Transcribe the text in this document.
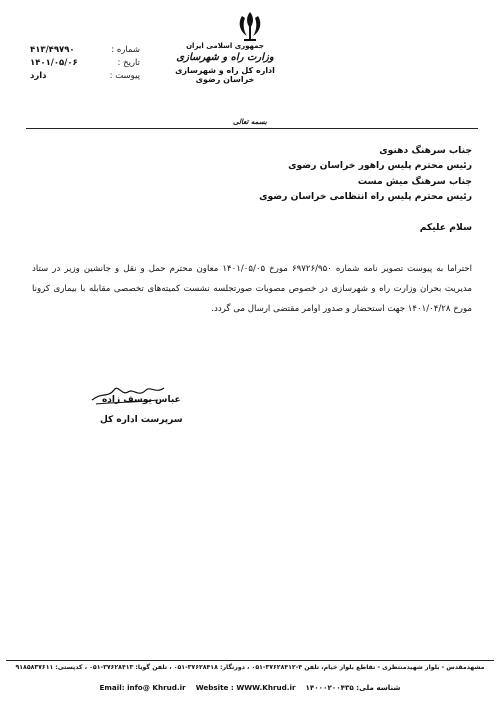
جمهوری اسلامی ایران
وزارت راه و شهرسازی
اداره کل راه و شهرسازی خراسان رضوی
شماره :
۴۱۳/۴۹۷۹۰
تاریخ :
۱۴۰۱/۰۵/۰۶
پیوست :
دارد
بسمه تعالی
جناب سرهنگ دهنوی
رئیس محترم پلیس راهور خراسان رضوی
جناب سرهنگ میش مست
رئیس محترم پلیس راه انتظامی خراسان رضوی
سلام علیکم
احتراما به پیوست تصویر نامه شماره ۶۹۷۲۶/۹۵۰ مورخ ۱۴۰۱/۰۵/۰۵ معاون محترم حمل و نقل و جانشین وزیر در ستاد مدیریت بحران وزارت راه و شهرسازی در خصوص مصوبات صورتجلسه نشست کمیته‌های تخصصی مقابله با بیماری کرونا مورخ ۱۴۰۱/۰۴/۲۸ جهت استحضار و صدور اوامر مقتضی ارسال می گردد.
عباس یوسف زاده
سرپرست اداره کل
مشهدمقدس - بلوار شهیدمنتظری - تقاطع بلوار خیام، تلفن ۴-۳۷۶۲۸۴۱۲-۰۵۱ ، دورنگار: ۳۷۶۲۸۴۱۸-۰۵۱ ، تلفن گویا: ۳۷۶۲۸۴۱۳-۰۵۱ ، کدپستی: ۹۱۸۵۸۳۷۶۱۱
شناسه ملی: ۱۴۰۰۰۲۰۰۴۳۵    Email: info@ Khrud.ir Website : WWW.Khrud.ir
